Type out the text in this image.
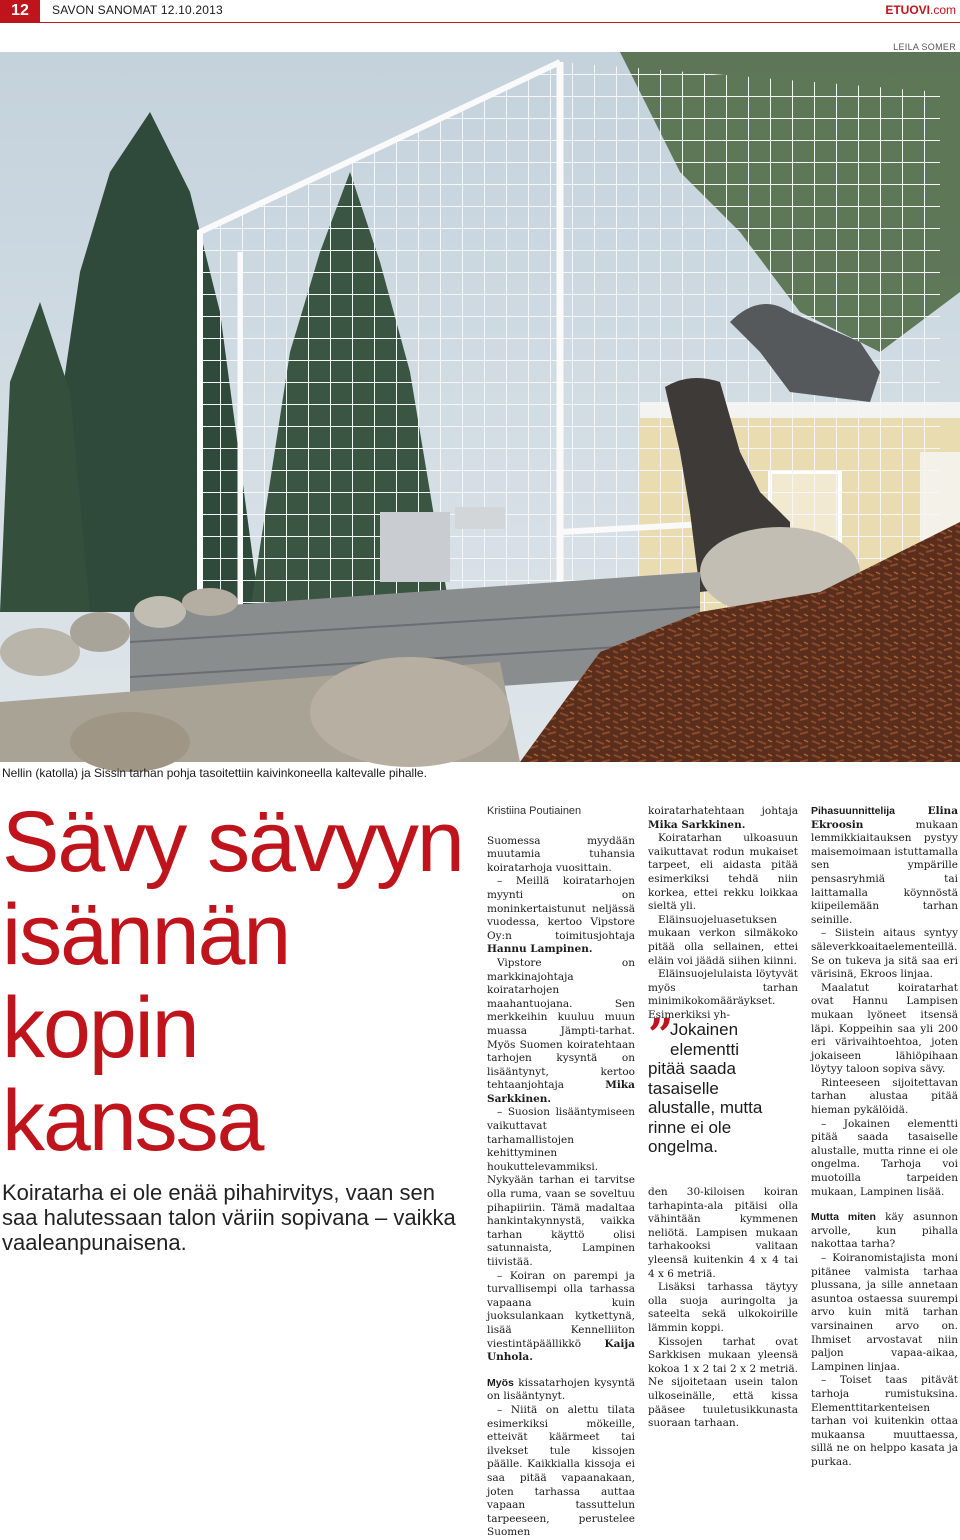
12	SAVON SANOMAT 12.10.2013	ETUOVI.com
LEILA SOMER
Nellin (katolla) ja Sissin tarhan pohja tasoitettiin kaivinkoneella kaltevalle pihalle.
Sävy sävyyn
isännän
kopin
kanssa

Koiratarha ei ole enää pihahirvitys, vaan sen saa halutessaan talon väriin sopivana – vaikka vaaleanpunaisena.

Kristiina Poutiainen

Suomessa myydään muutamia tuhansia koiratarhoja vuosittain.

– Meillä koiratarhojen myynti on moninkertaistunut neljässä vuodessa, kertoo Vipstore Oy:n toimitusjohtaja Hannu Lampinen.

Vipstore on markkinajohtaja koiratarhojen maahantuojana. Sen merkkeihin kuuluu muun muassa Jämpti-tarhat. Myös Suomen koiratehtaan tarhojen kysyntä on lisääntynyt, kertoo tehtaanjohtaja Mika Sarkkinen.

– Suosion lisääntymiseen vaikuttavat tarhamallistojen kehittyminen houkuttelevammiksi. Nykyään tarhan ei tarvitse olla ruma, vaan se soveltuu pihapiiriin. Tämä madaltaa hankintakynnystä, vaikka tarhan käyttö olisi satunnaista, Lampinen tiivistää.

– Koiran on parempi ja turvallisempi olla tarhassa vapaana kuin juoksulankaan kytkettynä, lisää Kennelliiton viestintäpäällikkö Kaija Unhola.

Myös kissatarhojen kysyntä on lisääntynyt.

– Niitä on alettu tilata esimerkiksi mökeille, etteivät käärmeet tai ilvekset tule kissojen päälle. Kaikkialla kissoja ei saa pitää vapaanakaan, joten tarhassa auttaa vapaan tassuttelun tarpeeseen, perustelee Suomen

koiratarhatehtaan johtaja Mika Sarkkinen.

Koiratarhan ulkoasuun vaikuttavat rodun mukaiset tarpeet, eli aidasta pitää esimerkiksi tehdä niin korkea, ettei rekku loikkaa sieltä yli.

Eläinsuojeluasetuksen mukaan verkon silmäkoko pitää olla sellainen, ettei eläin voi jäädä siihen kiinni.

Eläinsuojelulaista löytyvät myös tarhan minimikokomääräykset. Esimerkiksi yh-

”
Jokainen
elementti
pitää saada
tasaiselle
alustalle, mutta
rinne ei ole
ongelma.

den 30-kiloisen koiran tarhapinta-ala pitäisi olla vähintään kymmenen neliötä. Lampisen mukaan tarhakooksi valitaan yleensä kuitenkin 4 x 4 tai 4 x 6 metriä.

Lisäksi tarhassa täytyy olla suoja auringolta ja sateelta sekä ulkokoirille lämmin koppi.

Kissojen tarhat ovat Sarkkisen mukaan yleensä kokoa 1 x 2 tai 2 x 2 metriä. Ne sijoitetaan usein talon ulkoseinälle, että kissa pääsee tuuletusikkunasta suoraan tarhaan.

Pihasuunnittelija Elina Ekroosin mukaan lemmikkiaitauksen pystyy maisemoimaan istuttamalla sen ympärille pensasryhmiä tai laittamalla köynnöstä kiipeilemään tarhan seinille.

– Siistein aitaus syntyy säleverkkoaitaelementeillä. Se on tukeva ja sitä saa eri värisinä, Ekroos linjaa.

Maalatut koiratarhat ovat Hannu Lampisen mukaan lyöneet itsensä läpi. Koppeihin saa yli 200 eri värivaihtoehtoa, joten jokaiseen lähiöpihaan löytyy taloon sopiva sävy.

Rinteeseen sijoitettavan tarhan alustaa pitää hieman pykälöidä.

– Jokainen elementti pitää saada tasaiselle alustalle, mutta rinne ei ole ongelma. Tarhoja voi muotoilla tarpeiden mukaan, Lampinen lisää.

Mutta miten käy asunnon arvolle, kun pihalla nakottaa tarha?

– Koiranomistajista moni pitänee valmista tarhaa plussana, ja sille annetaan asuntoa ostaessa suurempi arvo kuin mitä tarhan varsinainen arvo on. Ihmiset arvostavat niin paljon vapaa-aikaa, Lampinen linjaa.

– Toiset taas pitävät tarhoja rumistuksina. Elementtitarkenteisen tarhan voi kuitenkin ottaa mukaansa muuttaessa, sillä ne on helppo kasata ja purkaa.
